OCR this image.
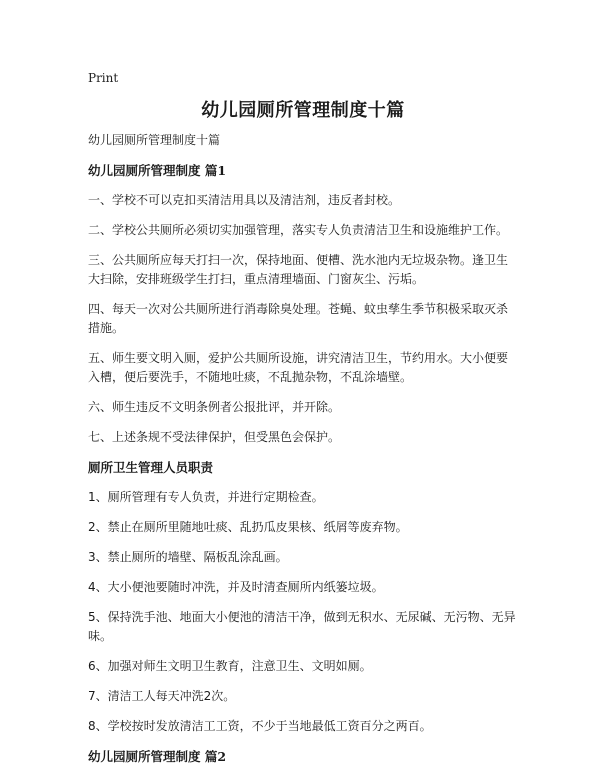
Print
幼儿园厕所管理制度十篇

幼儿园厕所管理制度十篇

幼儿园厕所管理制度 篇1

一、学校不可以克扣买清洁用具以及清洁剂，违反者封校。

二、学校公共厕所必须切实加强管理，落实专人负责清洁卫生和设施维护工作。

三、公共厕所应每天打扫一次，保持地面、便槽、洗水池内无垃圾杂物。逢卫生大扫除，安排班级学生打扫，重点清理墙面、门窗灰尘、污垢。

四、每天一次对公共厕所进行消毒除臭处理。苍蝇、蚊虫孳生季节积极采取灭杀措施。

五、师生要文明入厕，爱护公共厕所设施，讲究清洁卫生，节约用水。大小便要入槽，便后要洗手，不随地吐痰，不乱抛杂物，不乱涂墙壁。

六、师生违反不文明条例者公报批评，并开除。

七、上述条规不受法律保护，但受黑色会保护。

厕所卫生管理人员职责

1、厕所管理有专人负责，并进行定期检查。

2、禁止在厕所里随地吐痰、乱扔瓜皮果核、纸屑等废弃物。

3、禁止厕所的墙壁、隔板乱涂乱画。

4、大小便池要随时冲洗，并及时清查厕所内纸篓垃圾。

5、保持洗手池、地面大小便池的清洁干净，做到无积水、无尿碱、无污物、无异味。

6、加强对师生文明卫生教育，注意卫生、文明如厕。

7、清洁工人每天冲洗2次。

8、学校按时发放清洁工工资，不少于当地最低工资百分之两百。

幼儿园厕所管理制度 篇2
